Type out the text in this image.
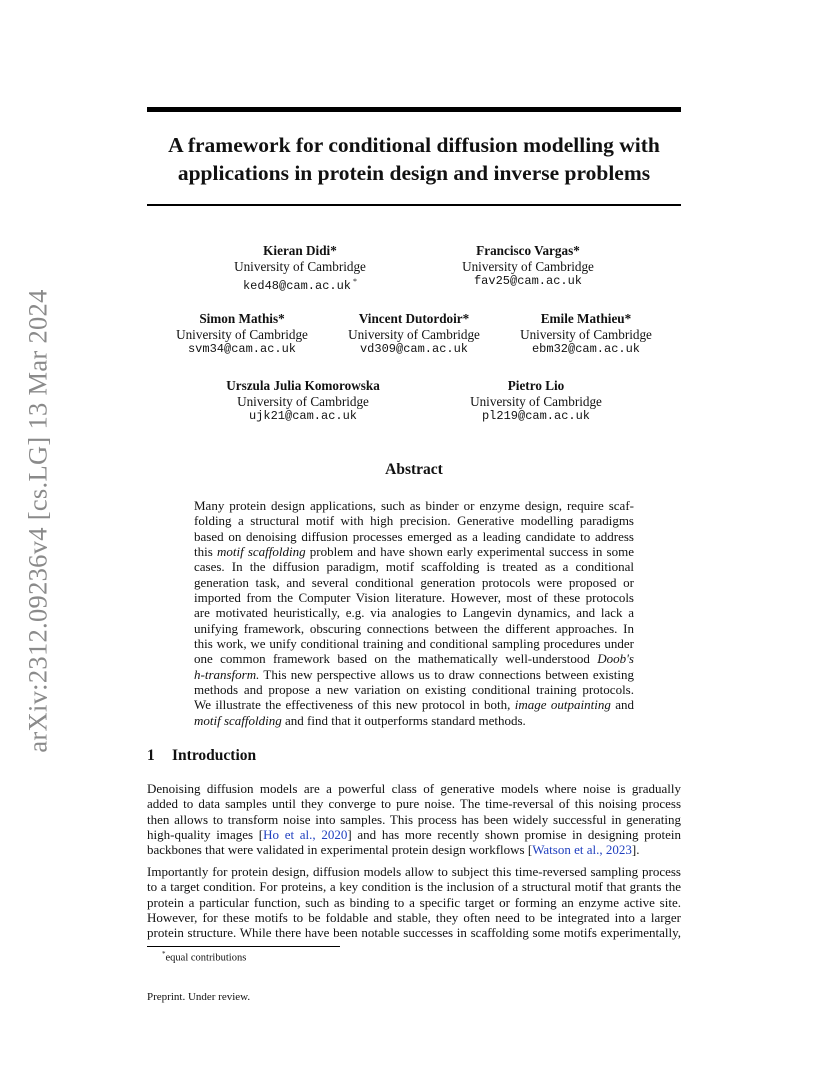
arXiv:2312.09236v4 [cs.LG] 13 Mar 2024
A framework for conditional diffusion modelling with
applications in protein design and inverse problems
Kieran Didi*
University of Cambridge
ked48@cam.ac.uk *
Francisco Vargas*
University of Cambridge
fav25@cam.ac.uk
Simon Mathis*
University of Cambridge
svm34@cam.ac.uk
Vincent Dutordoir*
University of Cambridge
vd309@cam.ac.uk
Emile Mathieu*
University of Cambridge
ebm32@cam.ac.uk
Urszula Julia Komorowska
University of Cambridge
ujk21@cam.ac.uk
Pietro Lio
University of Cambridge
pl219@cam.ac.uk
Abstract
Many protein design applications, such as binder or enzyme design, require scaf-
folding a structural motif with high precision. Generative modelling paradigms
based on denoising diffusion processes emerged as a leading candidate to address
this motif scaffolding problem and have shown early experimental success in some
cases. In the diffusion paradigm, motif scaffolding is treated as a conditional
generation task, and several conditional generation protocols were proposed or
imported from the Computer Vision literature. However, most of these protocols
are motivated heuristically, e.g. via analogies to Langevin dynamics, and lack a
unifying framework, obscuring connections between the different approaches. In
this work, we unify conditional training and conditional sampling procedures under
one common framework based on the mathematically well-understood Doob's
h-transform. This new perspective allows us to draw connections between existing
methods and propose a new variation on existing conditional training protocols.
We illustrate the effectiveness of this new protocol in both, image outpainting and
motif scaffolding and find that it outperforms standard methods.
1 Introduction
Denoising diffusion models are a powerful class of generative models where noise is gradually
added to data samples until they converge to pure noise. The time-reversal of this noising process
then allows to transform noise into samples. This process has been widely successful in generating
high-quality images [Ho et al., 2020] and has more recently shown promise in designing protein
backbones that were validated in experimental protein design workflows [Watson et al., 2023].
Importantly for protein design, diffusion models allow to subject this time-reversed sampling process
to a target condition. For proteins, a key condition is the inclusion of a structural motif that grants the
protein a particular function, such as binding to a specific target or forming an enzyme active site.
However, for these motifs to be foldable and stable, they often need to be integrated into a larger
protein structure. While there have been notable successes in scaffolding some motifs experimentally,
*equal contributions
Preprint. Under review.
